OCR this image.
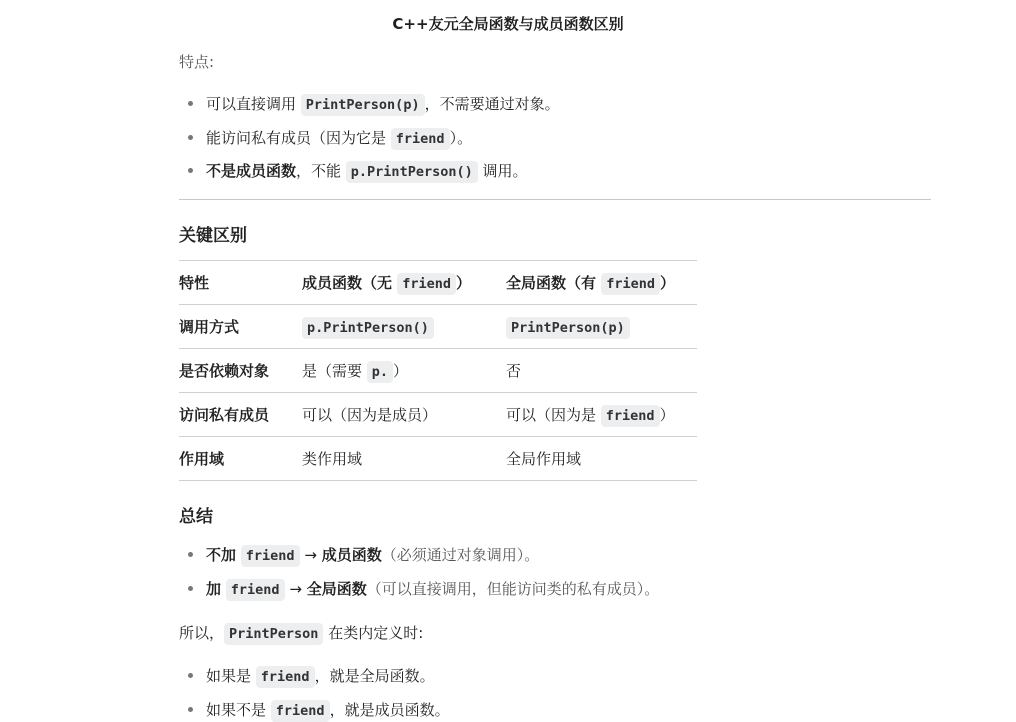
C++友元全局函数与成员函数区别
特点:
可以直接调用 PrintPerson(p) ，不需要通过对象。
能访问私有成员（因为它是 friend ）。
不是成员函数，不能 p.PrintPerson() 调用。
关键区别
特性	成员函数（无 friend ）	全局函数（有 friend ）
调用方式	p.PrintPerson()	PrintPerson(p)
是否依赖对象	是（需要 p. ）	否
访问私有成员	可以（因为是成员）	可以（因为是 friend ）
作用域	类作用域	全局作用域
总结
不加 friend → 成员函数（必须通过对象调用）。
加 friend → 全局函数（可以直接调用，但能访问类的私有成员）。
所以， PrintPerson 在类内定义时:
如果是 friend ，就是全局函数。
如果不是 friend ，就是成员函数。
